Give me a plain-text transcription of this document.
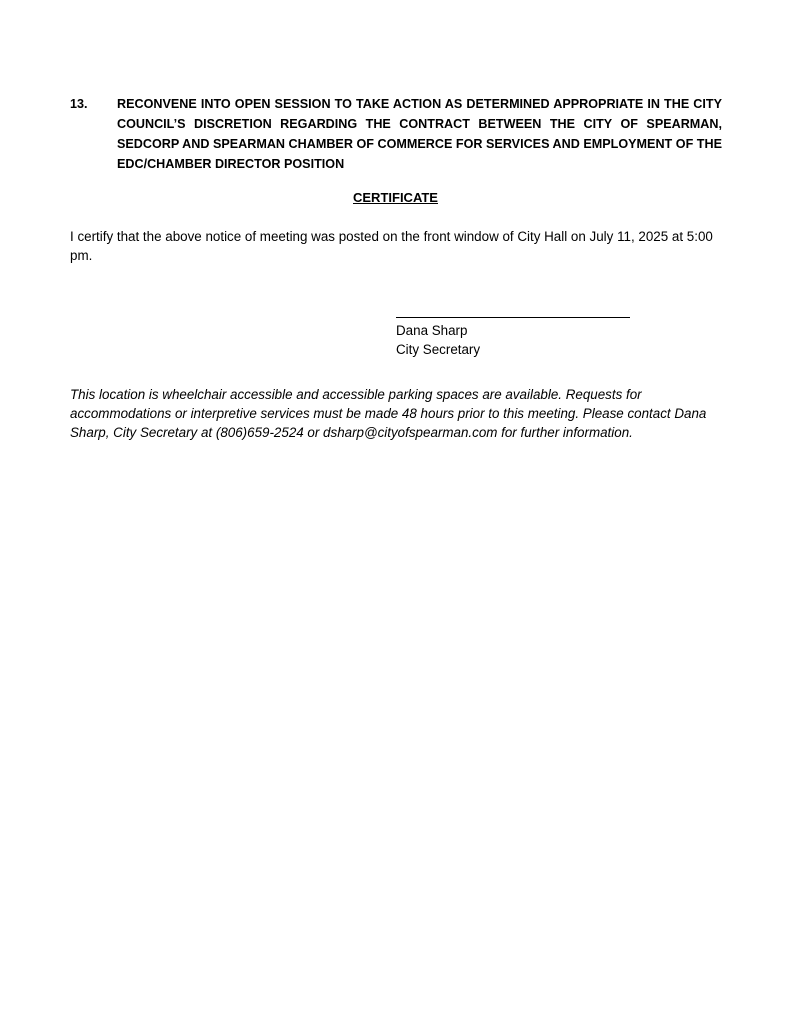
13.	RECONVENE INTO OPEN SESSION TO TAKE ACTION AS DETERMINED APPROPRIATE IN THE CITY COUNCIL’S DISCRETION REGARDING THE CONTRACT BETWEEN THE CITY OF SPEARMAN, SEDCORP AND SPEARMAN CHAMBER OF COMMERCE FOR SERVICES AND EMPLOYMENT OF THE EDC/CHAMBER DIRECTOR POSITION
CERTIFICATE
I certify that the above notice of meeting was posted on the front window of City Hall on July 11, 2025 at 5:00 pm.
Dana Sharp
City Secretary
This location is wheelchair accessible and accessible parking spaces are available. Requests for accommodations or interpretive services must be made 48 hours prior to this meeting. Please contact Dana Sharp, City Secretary at (806)659-2524 or dsharp@cityofspearman.com for further information.
